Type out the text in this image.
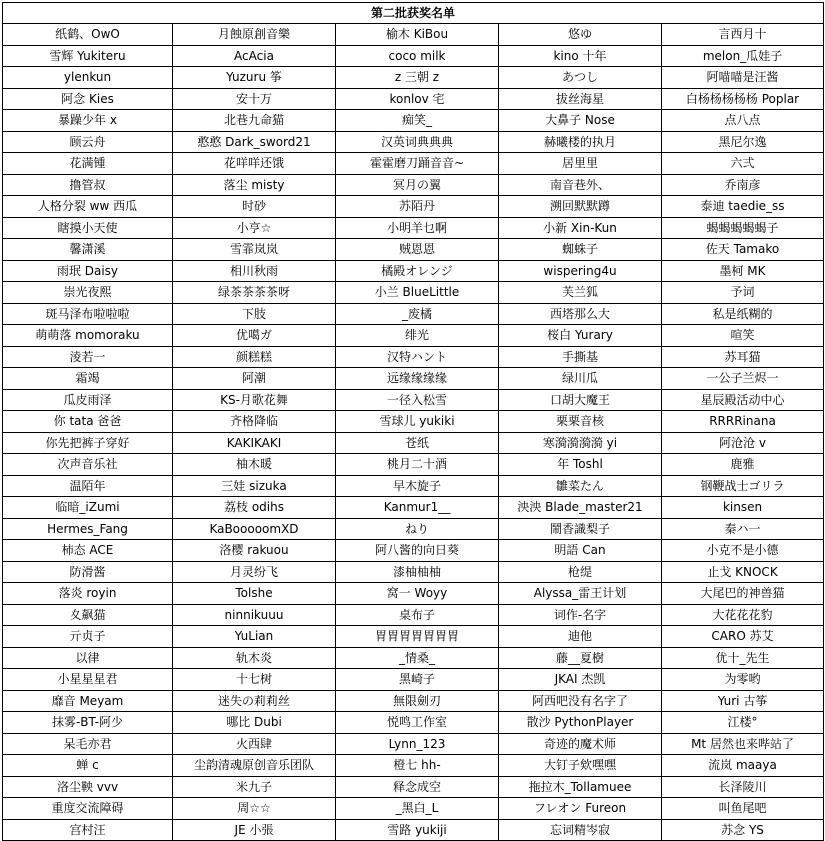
第二批获奖名单				
纸鹤、OwO	月蝕原創音樂	榆木 KiBou	悠ゆ	言西月十
雪辉 Yukiteru	AcAcia	coco milk	kino 十年	melon_瓜娃子
ylenkun	Yuzuru 筝	z 三朝 z	あつし	阿喵喵是汪酱
阿念 Kies	安十万	konlov 宅	拔丝海星	白杨杨杨杨杨 Poplar
暴躁少年 x	北巷九命猫	痴笑_	大鼻子 Nose	点八点
顾云舟	憨憨 Dark_sword21	汉英词典典典	赫曦楼的执月	黑尼尔逸
花满锺	花咩咩还饿	霍霍磨刀踊音音~	居里里	六弍
撸管叔	落尘 misty	冥月の翼	南音巷外、	乔南彦
人格分裂 ww 西瓜	时砂	苏陌丹	溯回默默蹲	泰迪 taedie_ss
瞎摸小天使	小亨☆	小明羊乜啊	小新 Xin-Kun	蝎蝎蝎蝎蝎子
馨潇溪	雪霏岚岚	贼恩恩	蜘蛛子	佐天 Tamako
雨珉 Daisy	相川秋雨	橘殿オレンジ	wispering4u	墨柯 MK
崇光夜熙	绿茶茶茶茶呀	小兰 BlueLittle	芙兰狐	予词
斑马泽布啦啦啦	下肢	_废橘	西塔那么大	私是纸糊的
萌萌落 momoraku	优噶ガ	绯光	桜白 Yurary	喧笑
淩若一	颜糕糕	汉特ハント	手撕基	苏耳猫
霜竭	阿潮	远缘缘缘缘	绿川瓜	一公子兰烬一
瓜皮雨泽	KS-月歌花舞	一径入松雪	口胡大魔王	星辰殿活动中心
你 tata 爸爸	齐格降临	雪球儿 yukiki	栗栗音核	RRRRinana
你先把裤子穿好	KAKIKAKI	苍纸	寒漪漪漪漪 yi	阿沧沧 v
次声音乐社	柚木暖	桃月二十酒	年 Toshl	鹿雅
温陌年	三娃 sizuka	早木旋子	雛菜たん	钢鞭战士ゴリラ
临暗_iZumi	荔枝 odihs	Kanmur1__	泱泱 Blade_master21	kinsen
Hermes_Fang	KaBooooomXD	ねり	鬧香識梨子	秦ハ一
柿态 ACE	洛樱 rakuou	阿八酱的向日葵	明語 Can	小克不是小德
防滑酱	月灵纷飞	漆柚柚柚	枪缇	止戈 KNOCK
落炎 royin	Tolshe	窝一 Woyy	Alyssa_雷王计划	大尾巴的神兽猫
夊飙猫	ninnikuuu	桌布子	词作-名字	大花花花豹
亓贞子	YuLian	胃胃胃胃胃胃胃	迪他	CARO 苏艾
以律	轨木炎	_情桑_	藤__夏樹	优十_先生
小星星星君	十七树	黑崎子	JKAI 杰凯	为零哟
靡音 Meyam	迷失の莉莉丝	無限劍刃	阿西吧没有名字了	Yuri 古筝
抹雾-BT-阿少	哪比 Dubi	悦鸣工作室	散沙 PythonPlayer	江楼°
呆毛亦君	火西肆	Lynn_123	奇迹的魔术师	Mt 居然也来哔站了
蝉 c	尘韵清魂原创音乐团队	橙七 hh-	大钉子欸嘿嘿	流岚 maaya
洛尘鞅 vvv	米九子	释念成空	拖拉木_Tollamuee	长泽陵川
重度交流障碍	周☆☆	_黑白_L	フレオン Fureon	叫鱼尾吧
宫村汪	JE 小張	雪路 yukiji	忘词精岑寂	苏念 YS
